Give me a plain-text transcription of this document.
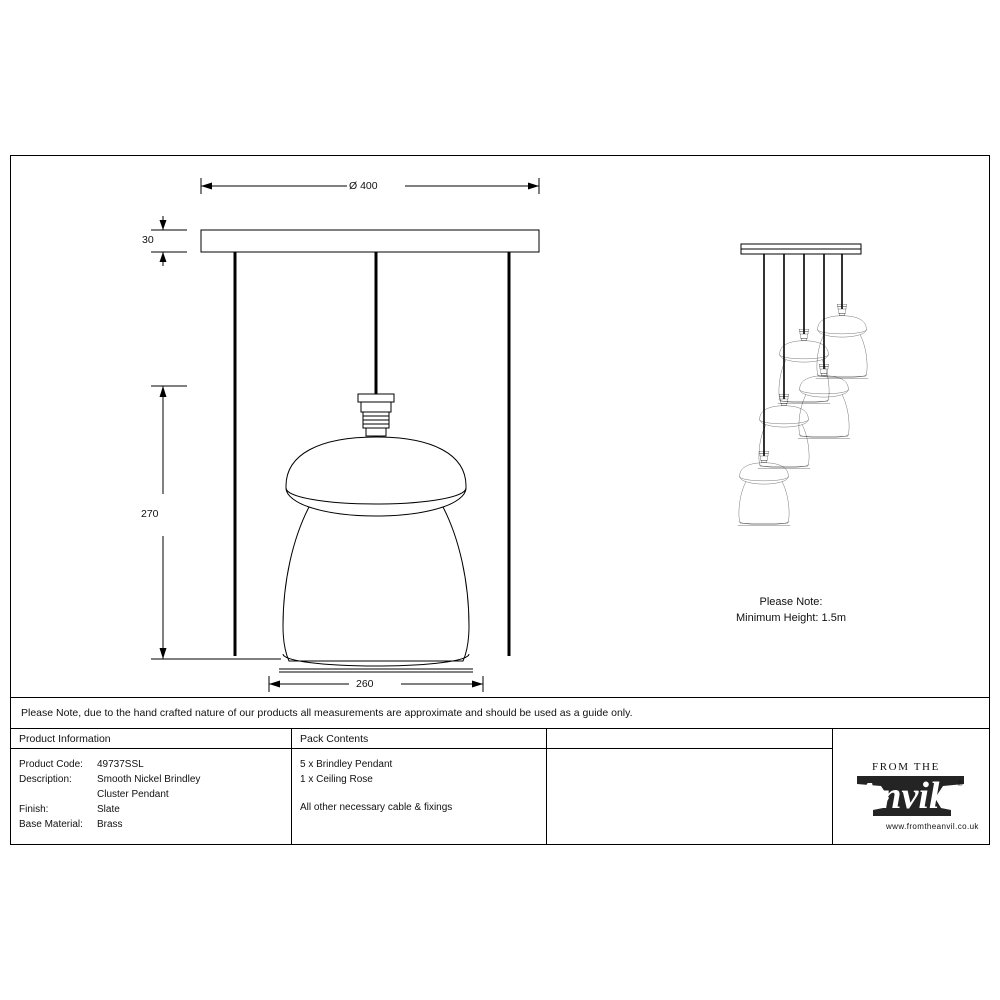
Ø 400
30
270
260
Please Note:
Minimum Height: 1.5m
Please Note, due to the hand crafted nature of our products all measurements are approximate and should be used as a guide only.
Product Information
Product Code:	49737SSL
Description:	Smooth Nickel Brindley
Cluster Pendant
Finish:	Slate
Base Material:	Brass
Pack Contents
5 x Brindley Pendant
1 x Ceiling Rose
All other necessary cable & fixings
FROM THE
Anvil ®
www.fromtheanvil.co.uk
